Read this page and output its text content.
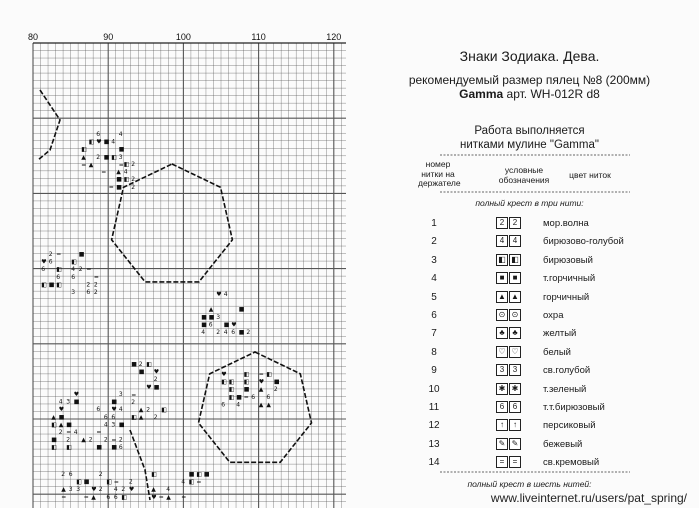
80	90	100	110	120
◧
▲
=
◧
▲
6
♥
2
■
■
4
◧
4
■
3
=
♥
6
◧
2
6
■
=
◧
6
◧
◧
4
6
3
■
2 =
2
6
=
2
2
▲
◧
■
◧
4
♥
■
▲
2
3
■
=
2
◧
♥
■
4
▲ 2
6
=
■
6
4
2
■
♥
6
3
=
■
3
4
■
2
6
■
■
4
▲
■
6
♥
3
2
4
■
4
♥
6
■
■ 2
■
=
2
◧
2
■
▲
▲
◧
♥
2
♥
2
■
2
◧
♥
◧
6
◧
◧
◧ ■
4
◧
◧
■
= 6
=
♥
▲
▲
◧
6
▲
■
2
2
▲
=
6
3
◧
3
■
=
♥
▲
2
2
◧
6
=
4
6
2
◧
2
♥
◧
▲
♥ =
4
▲
4
=
■
◧
◧
=
■
=
=
▲
■
■
◧
4
◧
2
2
2
Знаки Зодиака. Дева.
рекомендуемый размер пялец №8 (200мм)
Gamma арт. WH-012R d8
Работа выполняется
нитками мулине "Gamma"
номер нитки на держателе
условные обозначения	цвет ниток
полный крест в три нити:
1	2	2	мор.волна
2	4	4	бирюзово-голубой
3	◧ ◧	бирюзовый
4	■	■	т.горчичный
5	▲ ▲	горчичный
6	⊙ ⊙	охра
7	♣ ♣	желтый
8	♡ ♡	белый
9	3	3	св.голубой
10	✱ ✱	т.зеленый
11	6	6	т.т.бирюзовый
12	↑	↑	персиковый
13	✎ ✎	бежевый
14	=	=	св.кремовый
полный крест в шесть нитей:
www.liveinternet.ru/users/pat_spring/
